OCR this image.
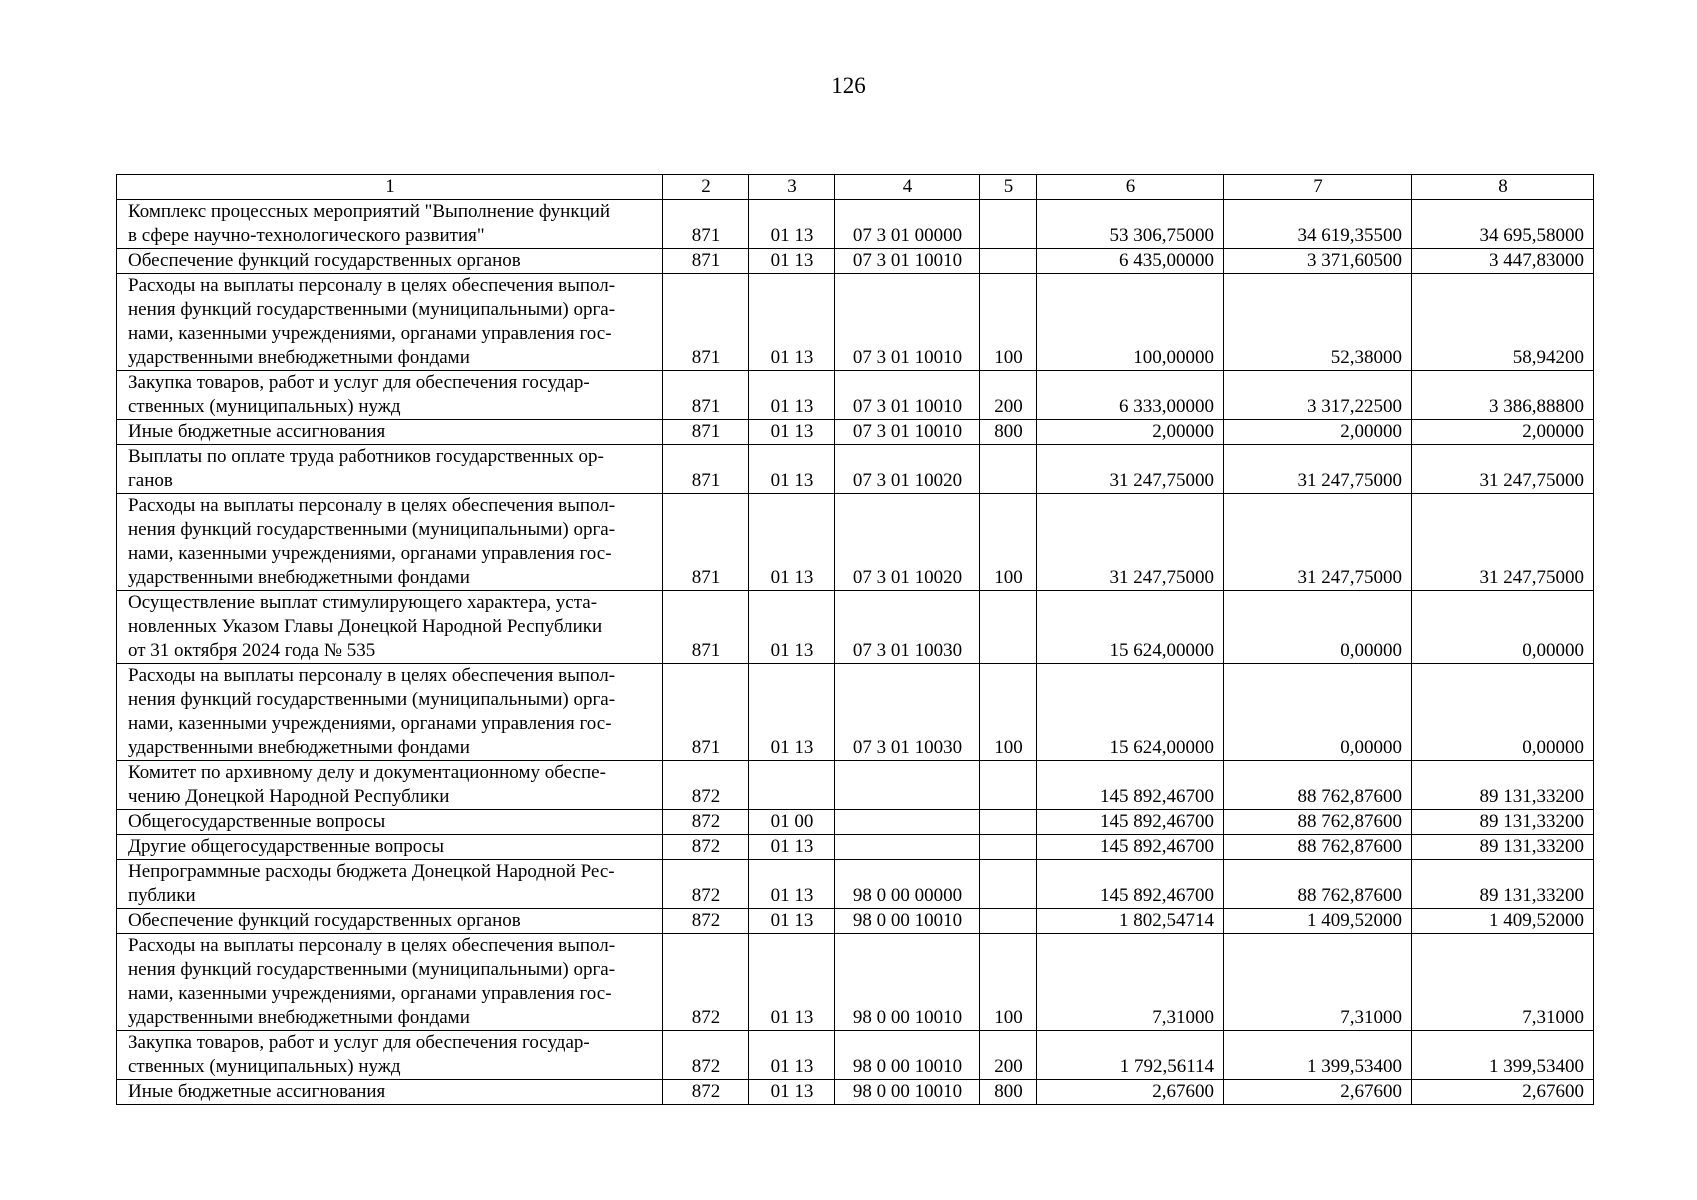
126
1	2	3	4	5	6	7	8
Комплекс процессных мероприятий "Выполнение функций
в сфере научно-технологического развития"	871	01 13	07 3 01 00000		53 306,75000	34 619,35500	34 695,58000
Обеспечение функций государственных органов	871	01 13	07 3 01 10010		6 435,00000	3 371,60500	3 447,83000
Расходы на выплаты персоналу в целях обеспечения выпол-
нения функций государственными (муниципальными) орга-
нами, казенными учреждениями, органами управления гос-
ударственными внебюджетными фондами	871	01 13	07 3 01 10010	100	100,00000	52,38000	58,94200
Закупка товаров, работ и услуг для обеспечения государ-
ственных (муниципальных) нужд	871	01 13	07 3 01 10010	200	6 333,00000	3 317,22500	3 386,88800
Иные бюджетные ассигнования	871	01 13	07 3 01 10010	800	2,00000	2,00000	2,00000
Выплаты по оплате труда работников государственных ор-
ганов	871	01 13	07 3 01 10020		31 247,75000	31 247,75000	31 247,75000
Расходы на выплаты персоналу в целях обеспечения выпол-
нения функций государственными (муниципальными) орга-
нами, казенными учреждениями, органами управления гос-
ударственными внебюджетными фондами	871	01 13	07 3 01 10020	100	31 247,75000	31 247,75000	31 247,75000
Осуществление выплат стимулирующего характера, уста-
новленных Указом Главы Донецкой Народной Республики
от 31 октября 2024 года № 535	871	01 13	07 3 01 10030		15 624,00000	0,00000	0,00000
Расходы на выплаты персоналу в целях обеспечения выпол-
нения функций государственными (муниципальными) орга-
нами, казенными учреждениями, органами управления гос-
ударственными внебюджетными фондами	871	01 13	07 3 01 10030	100	15 624,00000	0,00000	0,00000
Комитет по архивному делу и документационному обеспе-
чению Донецкой Народной Республики	872				145 892,46700	88 762,87600	89 131,33200
Общегосударственные вопросы	872	01 00			145 892,46700	88 762,87600	89 131,33200
Другие общегосударственные вопросы	872	01 13			145 892,46700	88 762,87600	89 131,33200
Непрограммные расходы бюджета Донецкой Народной Рес-
публики	872	01 13	98 0 00 00000		145 892,46700	88 762,87600	89 131,33200
Обеспечение функций государственных органов	872	01 13	98 0 00 10010		1 802,54714	1 409,52000	1 409,52000
Расходы на выплаты персоналу в целях обеспечения выпол-
нения функций государственными (муниципальными) орга-
нами, казенными учреждениями, органами управления гос-
ударственными внебюджетными фондами	872	01 13	98 0 00 10010	100	7,31000	7,31000	7,31000
Закупка товаров, работ и услуг для обеспечения государ-
ственных (муниципальных) нужд	872	01 13	98 0 00 10010	200	1 792,56114	1 399,53400	1 399,53400
Иные бюджетные ассигнования	872	01 13	98 0 00 10010	800	2,67600	2,67600	2,67600
